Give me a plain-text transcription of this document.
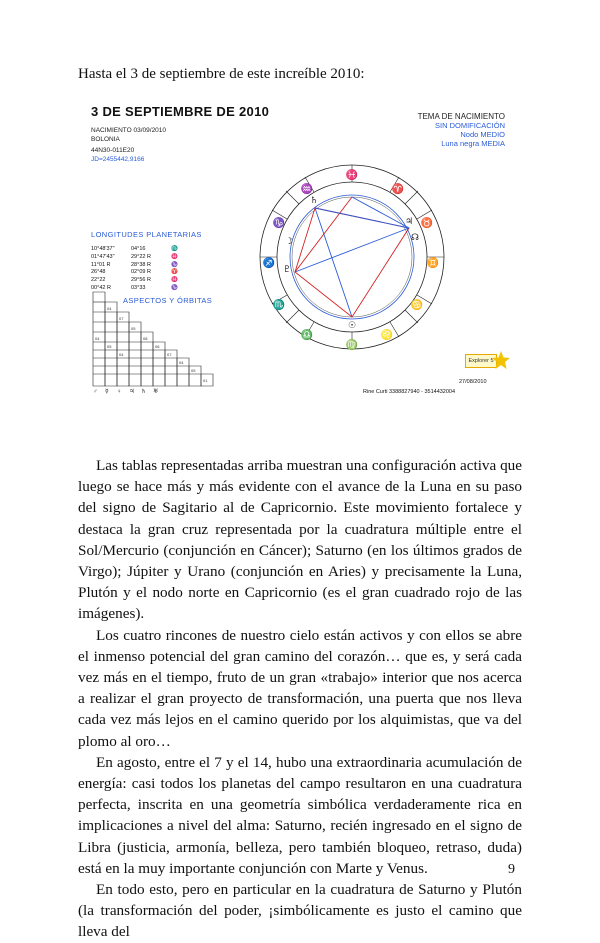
Hasta el 3 de septiembre de este increíble 2010:
3 DE SEPTIEMBRE DE 2010
NACIMIENTO 03/09/2010
BOLONIA
44N30-011E20
JD=2455442,9166
TEMA DE NACIMIENTO
SIN DOMIFICACIÓN
Nodo MEDIO
Luna negra MEDIA
LONGITUDES PLANETARIAS
10°48'37"	04°16	♏
01°47'43"	29°22 R	♓
11°01 R	28°38 R	♑
26°48	02°09 R	♈
22°22	29°56 R	♓
00°42 R	03°33	♑
ASPECTOS Y ÓRBITAS
04
07
05
08
06
07
04
05
01
04
05
04
♂ ☿ ♀ ♃ ♄ ♅
♓
♈
♉
♊
♋
♌
♍
♎
♏
♐
♑
♒
♄
♃
☊
♇
☉
☽
Explorer 5
27/08/2010
Rine Curti 3388827940 - 3514432004

Las tablas representadas arriba muestran una configuración activa que luego se hace más y más evidente con el avance de la Luna en su paso del signo de Sagitario al de Capricornio. Este movimiento fortalece y destaca la gran cruz representada por la cuadratura múltiple entre el Sol/Mercurio (conjunción en Cáncer); Saturno (en los últimos grados de Virgo); Júpiter y Urano (conjunción en Aries) y precisamente la Luna, Plutón y el nodo norte en Capricornio (es el gran cuadrado rojo de las imágenes).

Los cuatro rincones de nuestro cielo están activos y con ellos se abre el inmenso potencial del gran camino del corazón… que es, y será cada vez más en el tiempo, fruto de un gran «trabajo» interior que nos acerca a realizar el gran proyecto de transformación, una puerta que nos lleva cada vez más lejos en el camino querido por los alquimistas, que va del plomo al oro…

En agosto, entre el 7 y el 14, hubo una extraordinaria acumulación de energía: casi todos los planetas del campo resultaron en una cuadratura perfecta, inscrita en una geometría simbólica verdaderamente rica en implicaciones a nivel del alma: Saturno, recién ingresado en el signo de Libra (justicia, armonía, belleza, pero también bloqueo, retraso, duda) está en la muy importante conjunción con Marte y Venus.

En todo esto, pero en particular en la cuadratura de Saturno y Plutón (la transformación del poder, ¡simbólicamente es justo el camino que lleva del

9
